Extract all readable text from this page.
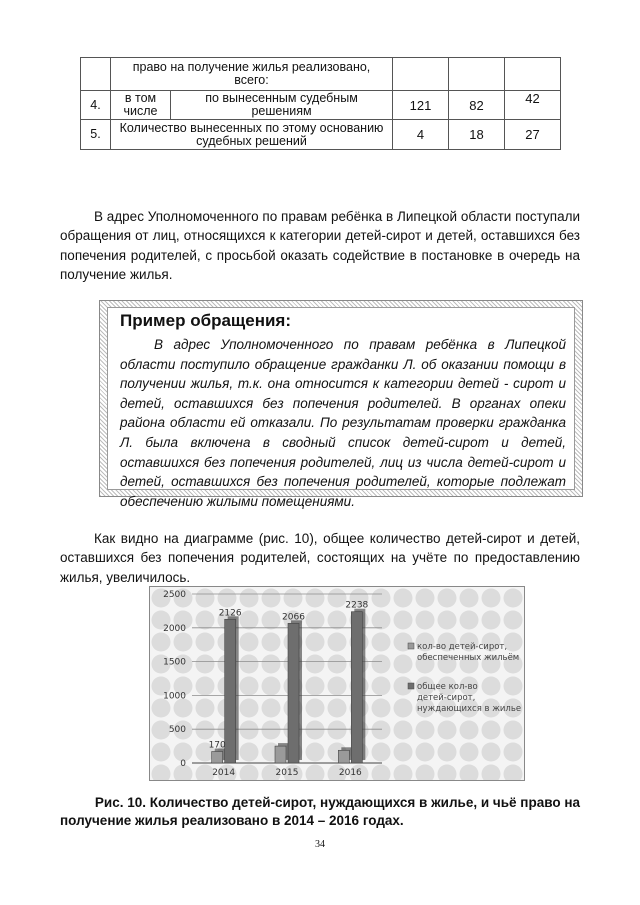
	право на получение жилья реализовано, всего:				
4.	в том числе	по вынесенным судебным решениям	121	82	42
5.	Количество вынесенных по этому основанию судебных решений		4	18	27

В адрес Уполномоченного по правам ребёнка в Липецкой области поступали обращения от лиц, относящихся к категории детей-сирот и детей, оставшихся без попечения родителей, с просьбой оказать содействие в постановке в очередь на получение жилья.

Пример обращения:

В адрес Уполномоченного по правам ребёнка в Липецкой области поступило обращение гражданки Л. об оказании помощи в получении жилья, т.к. она относится к категории детей - сирот и детей, оставшихся без попечения родителей. В органах опеки района области ей отказали. По результатам проверки гражданка Л. была включена в сводный список детей-сирот и детей, оставшихся без попечения родителей, лиц из числа детей-сирот и детей, оставшихся без попечения родителей, которые подлежат обеспечению жилыми помещениями.

Как видно на диаграмме (рис. 10), общее количество детей-сирот и детей, оставшихся без попечения родителей, состоящих на учёте по предоставлению жилья, увеличилось.

0
500
1000
1500
2000
2500
170
2126
2014
2066
2015
2238
2016
кол-во детей-сирот, обеспеченных жильём
общее кол-во детей-сирот, нуждающихся в жилье

Рис. 10. Количество детей-сирот, нуждающихся в жилье, и чьё право на
получение жилья реализовано в 2014 – 2016 годах.

34
